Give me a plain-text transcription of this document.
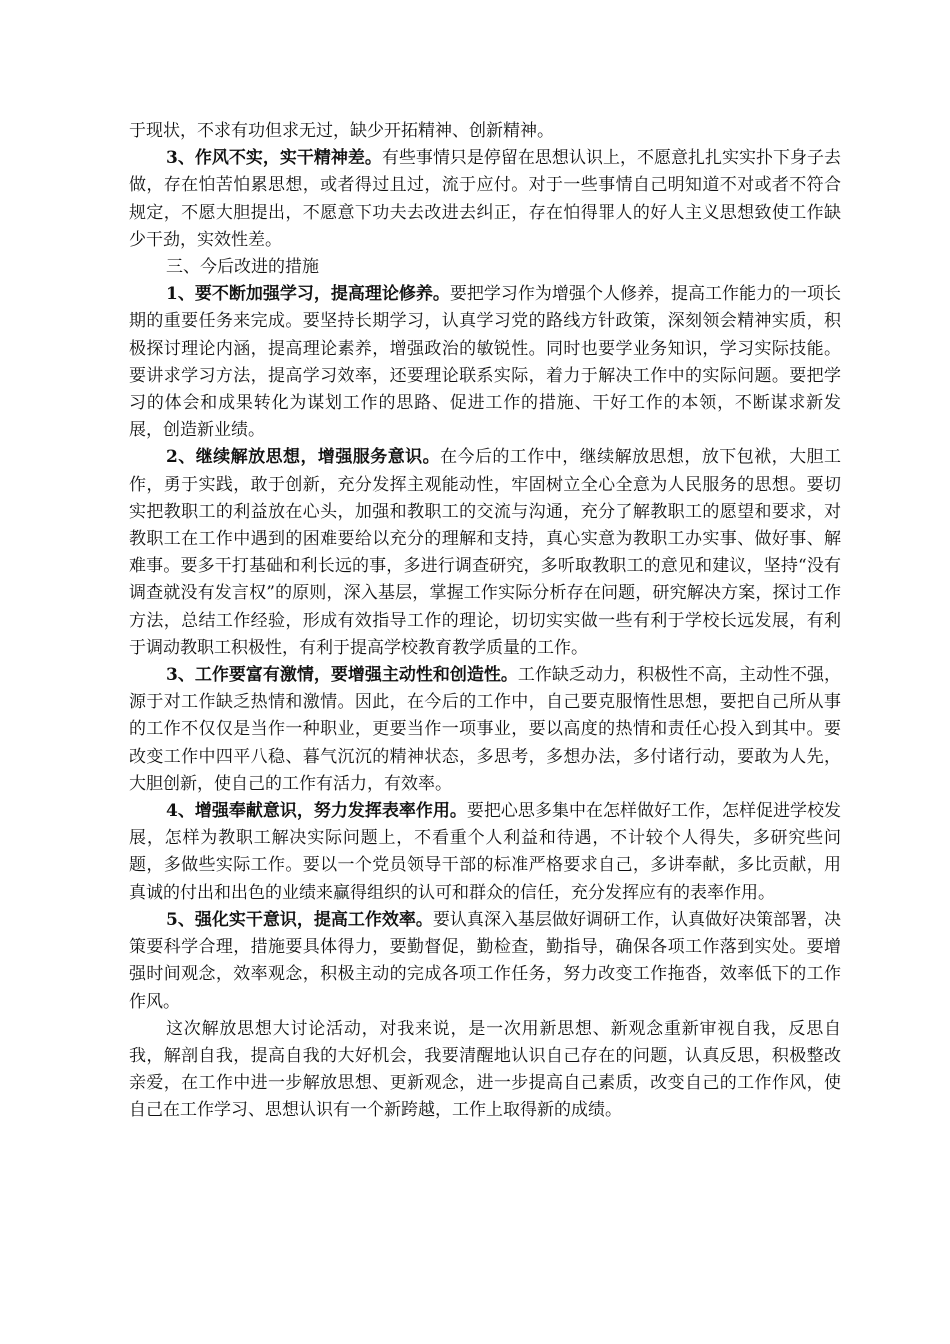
于现状，不求有功但求无过，缺少开拓精神、创新精神。

3、作风不实，实干精神差。有些事情只是停留在思想认识上，不愿意扎扎实实扑下身子去做，存在怕苦怕累思想，或者得过且过，流于应付。对于一些事情自己明知道不对或者不符合规定，不愿大胆提出，不愿意下功夫去改进去纠正，存在怕得罪人的好人主义思想致使工作缺少干劲，实效性差。

三、今后改进的措施

1、要不断加强学习，提高理论修养。要把学习作为增强个人修养，提高工作能力的一项长期的重要任务来完成。要坚持长期学习，认真学习党的路线方针政策，深刻领会精神实质，积极探讨理论内涵，提高理论素养，增强政治的敏锐性。同时也要学业务知识，学习实际技能。要讲求学习方法，提高学习效率，还要理论联系实际，着力于解决工作中的实际问题。要把学习的体会和成果转化为谋划工作的思路、促进工作的措施、干好工作的本领，不断谋求新发展，创造新业绩。

2、继续解放思想，增强服务意识。在今后的工作中，继续解放思想，放下包袱，大胆工作，勇于实践，敢于创新，充分发挥主观能动性，牢固树立全心全意为人民服务的思想。要切实把教职工的利益放在心头，加强和教职工的交流与沟通，充分了解教职工的愿望和要求，对教职工在工作中遇到的困难要给以充分的理解和支持，真心实意为教职工办实事、做好事、解难事。要多干打基础和利长远的事，多进行调查研究，多听取教职工的意见和建议，坚持“没有调查就没有发言权”的原则，深入基层，掌握工作实际分析存在问题，研究解决方案，探讨工作方法，总结工作经验，形成有效指导工作的理论，切切实实做一些有利于学校长远发展，有利于调动教职工积极性，有利于提高学校教育教学质量的工作。

3、工作要富有激情，要增强主动性和创造性。工作缺乏动力，积极性不高，主动性不强，源于对工作缺乏热情和激情。因此，在今后的工作中，自己要克服惰性思想，要把自己所从事的工作不仅仅是当作一种职业，更要当作一项事业，要以高度的热情和责任心投入到其中。要改变工作中四平八稳、暮气沉沉的精神状态，多思考，多想办法，多付诸行动，要敢为人先，大胆创新，使自己的工作有活力，有效率。

4、增强奉献意识，努力发挥表率作用。要把心思多集中在怎样做好工作，怎样促进学校发展，怎样为教职工解决实际问题上，不看重个人利益和待遇，不计较个人得失，多研究些问题，多做些实际工作。要以一个党员领导干部的标准严格要求自己，多讲奉献，多比贡献，用真诚的付出和出色的业绩来赢得组织的认可和群众的信任，充分发挥应有的表率作用。

5、强化实干意识，提高工作效率。要认真深入基层做好调研工作，认真做好决策部署，决策要科学合理，措施要具体得力，要勤督促，勤检查，勤指导，确保各项工作落到实处。要增强时间观念，效率观念，积极主动的完成各项工作任务，努力改变工作拖沓，效率低下的工作作风。

这次解放思想大讨论活动，对我来说，是一次用新思想、新观念重新审视自我，反思自我，解剖自我，提高自我的大好机会，我要清醒地认识自己存在的问题，认真反思，积极整改亲爱，在工作中进一步解放思想、更新观念，进一步提高自己素质，改变自己的工作作风，使自己在工作学习、思想认识有一个新跨越，工作上取得新的成绩。
